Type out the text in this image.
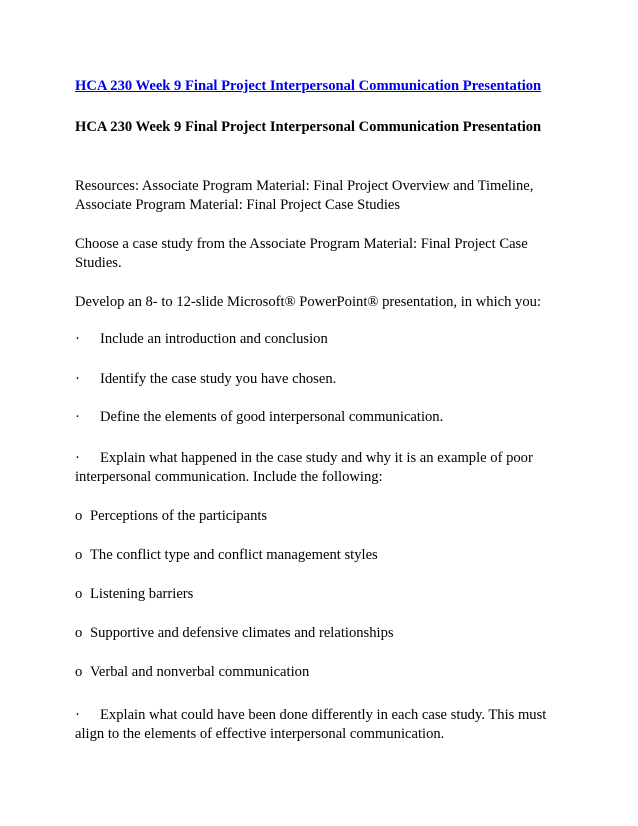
HCA 230 Week 9 Final Project Interpersonal Communication Presentation
HCA 230 Week 9 Final Project Interpersonal Communication Presentation
Resources: Associate Program Material: Final Project Overview and Timeline,
Associate Program Material: Final Project Case Studies
Choose a case study from the Associate Program Material: Final Project Case
Studies.
Develop an 8- to 12-slide Microsoft® PowerPoint® presentation, in which you:
· Include an introduction and conclusion
· Identify the case study you have chosen.
· Define the elements of good interpersonal communication.
· Explain what happened in the case study and why it is an example of poor
interpersonal communication. Include the following:
o Perceptions of the participants
o The conflict type and conflict management styles
o Listening barriers
o Supportive and defensive climates and relationships
o Verbal and nonverbal communication
· Explain what could have been done differently in each case study. This must
align to the elements of effective interpersonal communication.
